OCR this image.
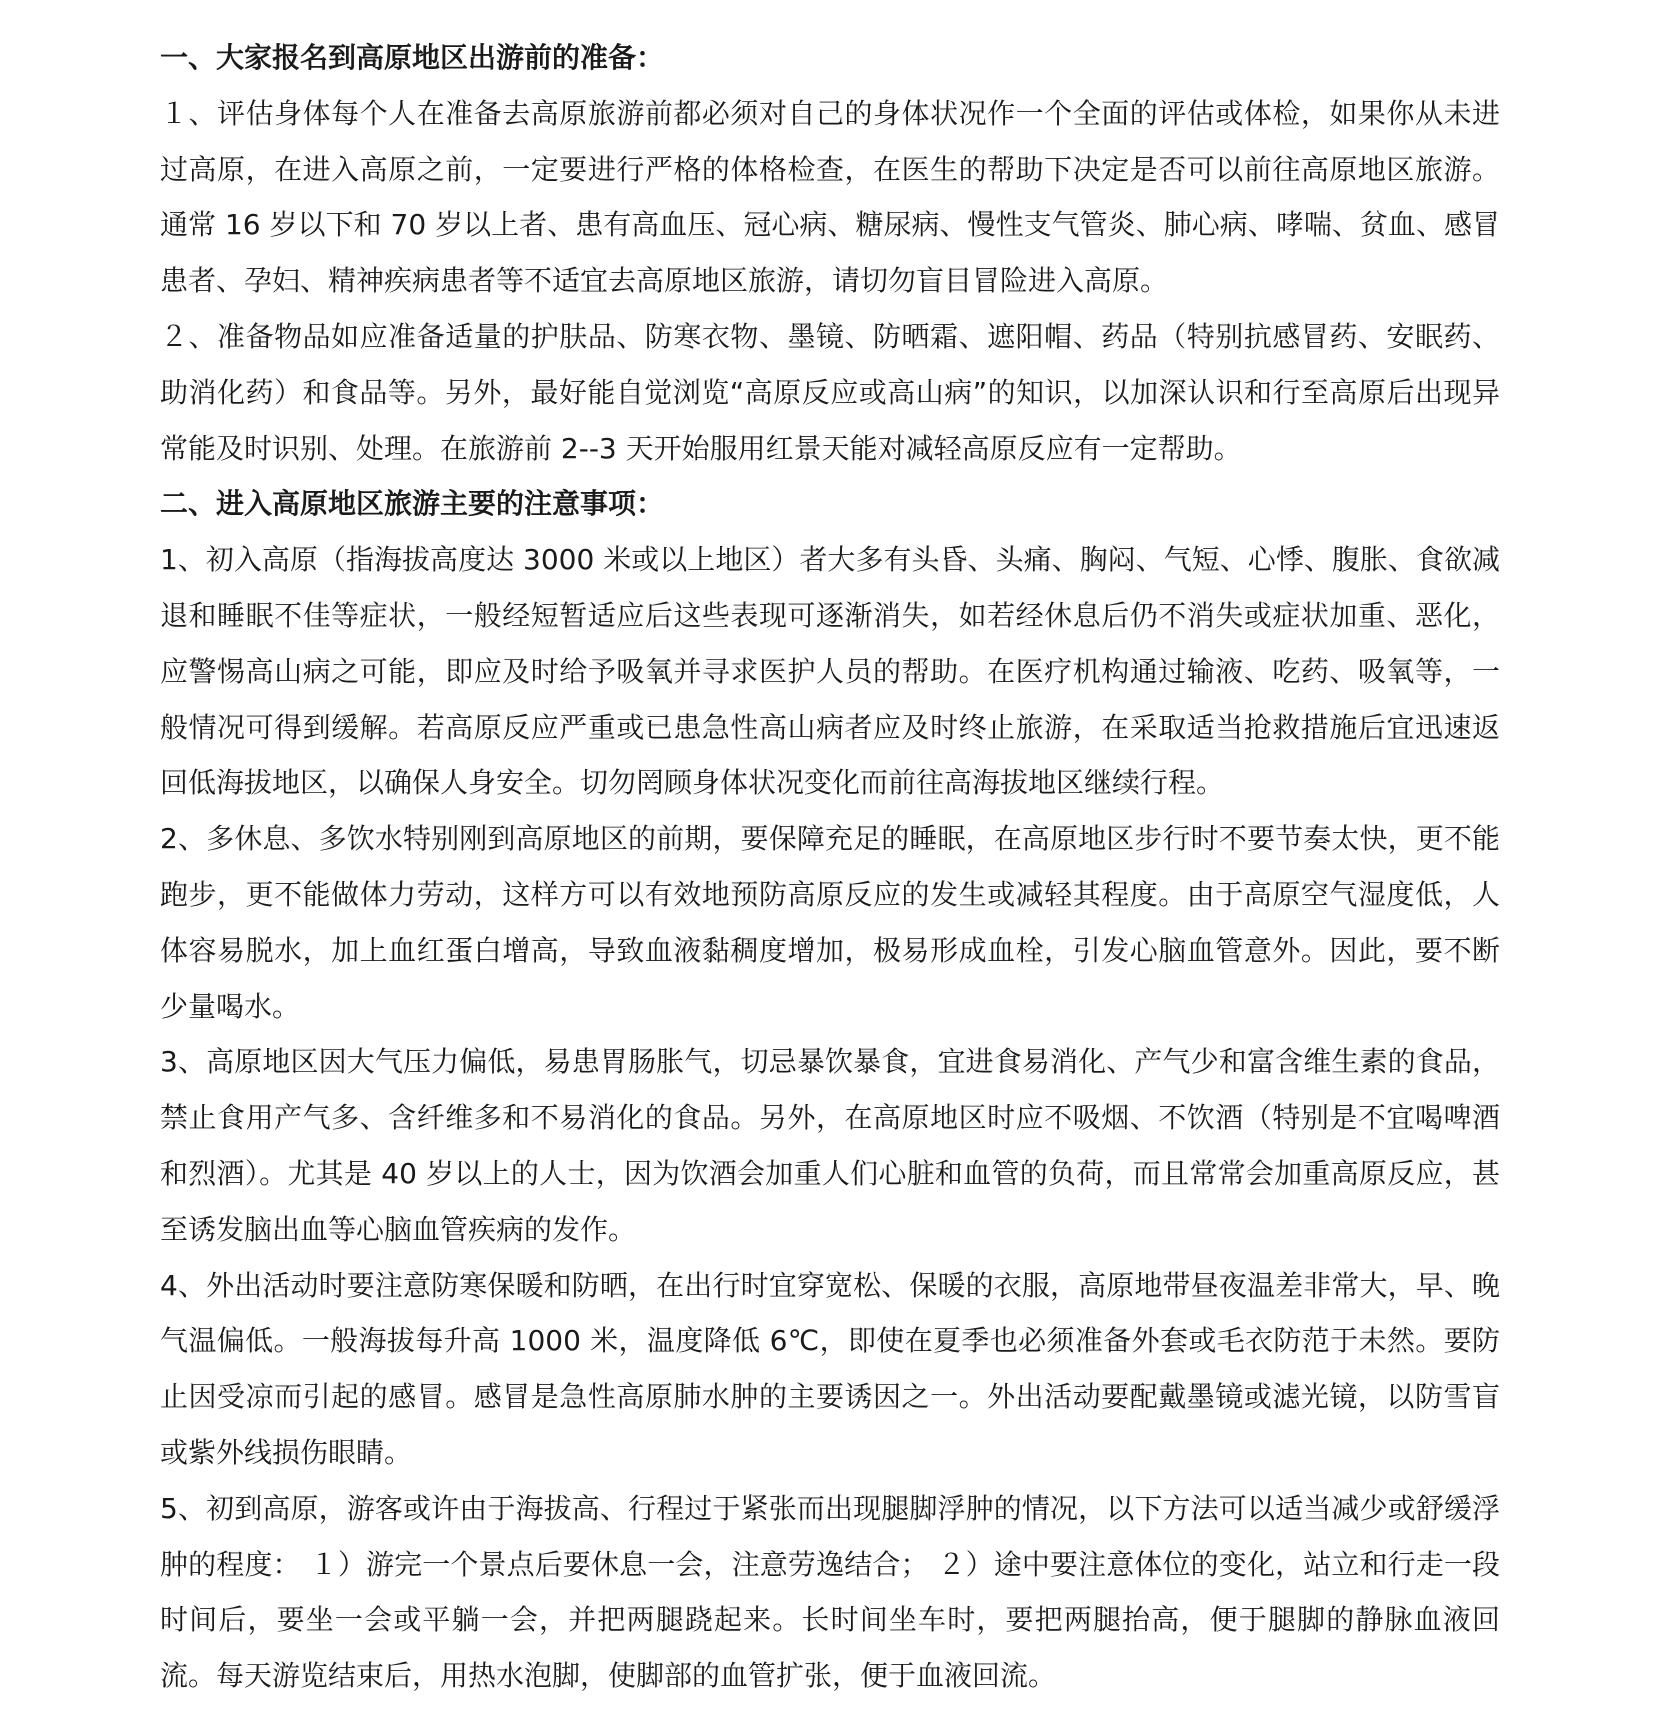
一、大家报名到高原地区出游前的准备：

１、评估身体每个人在准备去高原旅游前都必须对自己的身体状况作一个全面的评估或体检，如果你从未进过高原，在进入高原之前，一定要进行严格的体格检查，在医生的帮助下决定是否可以前往高原地区旅游。通常 16 岁以下和 70 岁以上者、患有高血压、冠心病、糖尿病、慢性支气管炎、肺心病、哮喘、贫血、感冒患者、孕妇、精神疾病患者等不适宜去高原地区旅游，请切勿盲目冒险进入高原。

２、准备物品如应准备适量的护肤品、防寒衣物、墨镜、防晒霜、遮阳帽、药品（特别抗感冒药、安眠药、助消化药）和食品等。另外，最好能自觉浏览“高原反应或高山病”的知识，以加深认识和行至高原后出现异常能及时识别、处理。在旅游前 2--3 天开始服用红景天能对减轻高原反应有一定帮助。

二、进入高原地区旅游主要的注意事项：

1、初入高原（指海拔高度达 3000 米或以上地区）者大多有头昏、头痛、胸闷、气短、心悸、腹胀、食欲减退和睡眠不佳等症状，一般经短暂适应后这些表现可逐渐消失，如若经休息后仍不消失或症状加重、恶化，应警惕高山病之可能，即应及时给予吸氧并寻求医护人员的帮助。在医疗机构通过输液、吃药、吸氧等，一般情况可得到缓解。若高原反应严重或已患急性高山病者应及时终止旅游，在采取适当抢救措施后宜迅速返回低海拔地区，以确保人身安全。切勿罔顾身体状况变化而前往高海拔地区继续行程。

2、多休息、多饮水特别刚到高原地区的前期，要保障充足的睡眠，在高原地区步行时不要节奏太快，更不能跑步，更不能做体力劳动，这样方可以有效地预防高原反应的发生或减轻其程度。由于高原空气湿度低，人体容易脱水，加上血红蛋白增高，导致血液黏稠度增加，极易形成血栓，引发心脑血管意外。因此，要不断少量喝水。

3、高原地区因大气压力偏低，易患胃肠胀气，切忌暴饮暴食，宜进食易消化、产气少和富含维生素的食品，禁止食用产气多、含纤维多和不易消化的食品。另外，在高原地区时应不吸烟、不饮酒（特别是不宜喝啤酒和烈酒）。尤其是 40 岁以上的人士，因为饮酒会加重人们心脏和血管的负荷，而且常常会加重高原反应，甚至诱发脑出血等心脑血管疾病的发作。

4、外出活动时要注意防寒保暖和防晒，在出行时宜穿宽松、保暖的衣服，高原地带昼夜温差非常大，早、晚气温偏低。一般海拔每升高 1000 米，温度降低 6℃，即使在夏季也必须准备外套或毛衣防范于未然。要防止因受凉而引起的感冒。感冒是急性高原肺水肿的主要诱因之一。外出活动要配戴墨镜或滤光镜，以防雪盲或紫外线损伤眼睛。

5、初到高原，游客或许由于海拔高、行程过于紧张而出现腿脚浮肿的情况，以下方法可以适当减少或舒缓浮肿的程度： １）游完一个景点后要休息一会，注意劳逸结合； ２）途中要注意体位的变化，站立和行走一段时间后，要坐一会或平躺一会，并把两腿跷起来。长时间坐车时，要把两腿抬高，便于腿脚的静脉血液回流。每天游览结束后，用热水泡脚，使脚部的血管扩张，便于血液回流。
